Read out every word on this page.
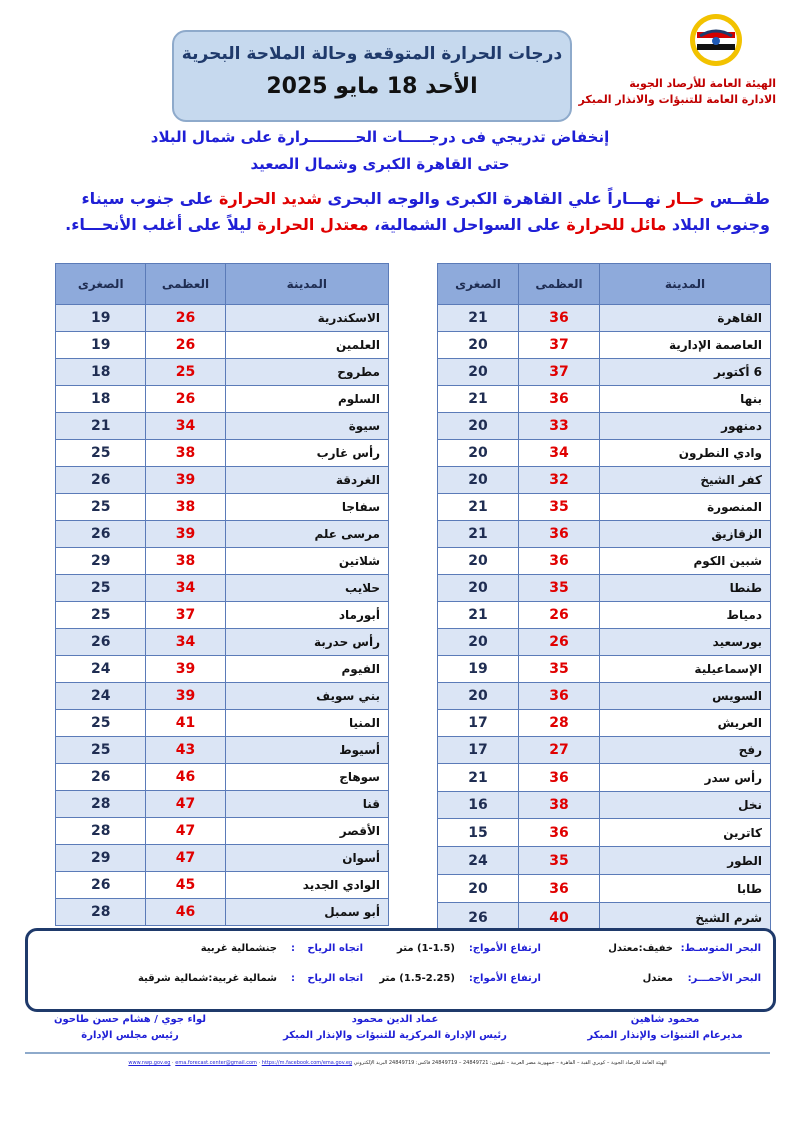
الهيئة العامة للأرصاد الجوية
الادارة العامة للتنبؤات والانذار المبكر
درجات الحرارة المتوقعة وحالة الملاحة البحرية
الأحد 18 مايو 2025
إنخفاض تدريجي فى درجـــــات الحـــــــــرارة على شمال البلاد
حتى القاهرة الكبرى وشمال الصعيد
طقــس حــار نهـــاراً علي القاهرة الكبرى والوجه البحرى شديد الحرارة على جنوب سيناء
وجنوب البلاد مائل للحرارة على السواحل الشمالية، معتدل الحرارة ليلاً على أغلب الأنحـــاء.
المدينة	العظمى	الصغرى
القاهرة	36	21
العاصمة الإدارية	37	20
6 أكتوبر	37	20
بنها	36	21
دمنهور	33	20
وادي النطرون	34	20
كفر الشيخ	32	20
المنصورة	35	21
الزقازيق	36	21
شبين الكوم	36	20
طنطا	35	20
دمياط	26	21
بورسعيد	26	20
الإسماعيلية	35	19
السويس	36	20
العريش	28	17
رفح	27	17
رأس سدر	36	21
نخل	38	16
كاترين	36	15
الطور	35	24
طابا	36	20
شرم الشيخ	40	26
المدينة	العظمى	الصغرى
الاسكندرية	26	19
العلمين	26	19
مطروح	25	18
السلوم	26	18
سيوة	34	21
رأس غارب	38	25
الغردقة	39	26
سفاجا	38	25
مرسى علم	39	26
شلاتين	38	29
حلايب	34	25
أبورماد	37	25
رأس حدربة	34	26
الفيوم	39	24
بني سويف	39	24
المنيا	41	25
أسيوط	43	25
سوهاج	46	26
قنا	47	28
الأقصر	47	28
أسوان	47	29
الوادي الجديد	45	26
أبو سمبل	46	28
البحر المتوسـط:
خفيف:معتدل
ارتفاع الأمواج:
(1-1.5) متر
اتجاه الرياح
:
جنشمالية غربية
البحر الأحمـــر:
معتدل
ارتفاع الأمواج:
(1.5-2.25) متر
اتجاه الرياح
:
شمالية غربية:شمالية شرقية
محمود شاهين
مديرعام التنبؤات والإنذار المبكر
عماد الدين محمود
رئيس الإدارة المركزية للتنبؤات والإنذار المبكر
لواء جوي / هشام حسن طاحون
رئيس مجلس الإدارة
الهيئة العامة للأرصاد الجوية – كوبري القبة – القاهرة – جمهورية مصر العربية – تليفون: 24849721 – 24849719 فاكس: 24849719 البريد الإلكتروني www.nwp.gov.eg · ema.forecast.center@gmail.com · https://m.facebook.com/ema.gov.eg
